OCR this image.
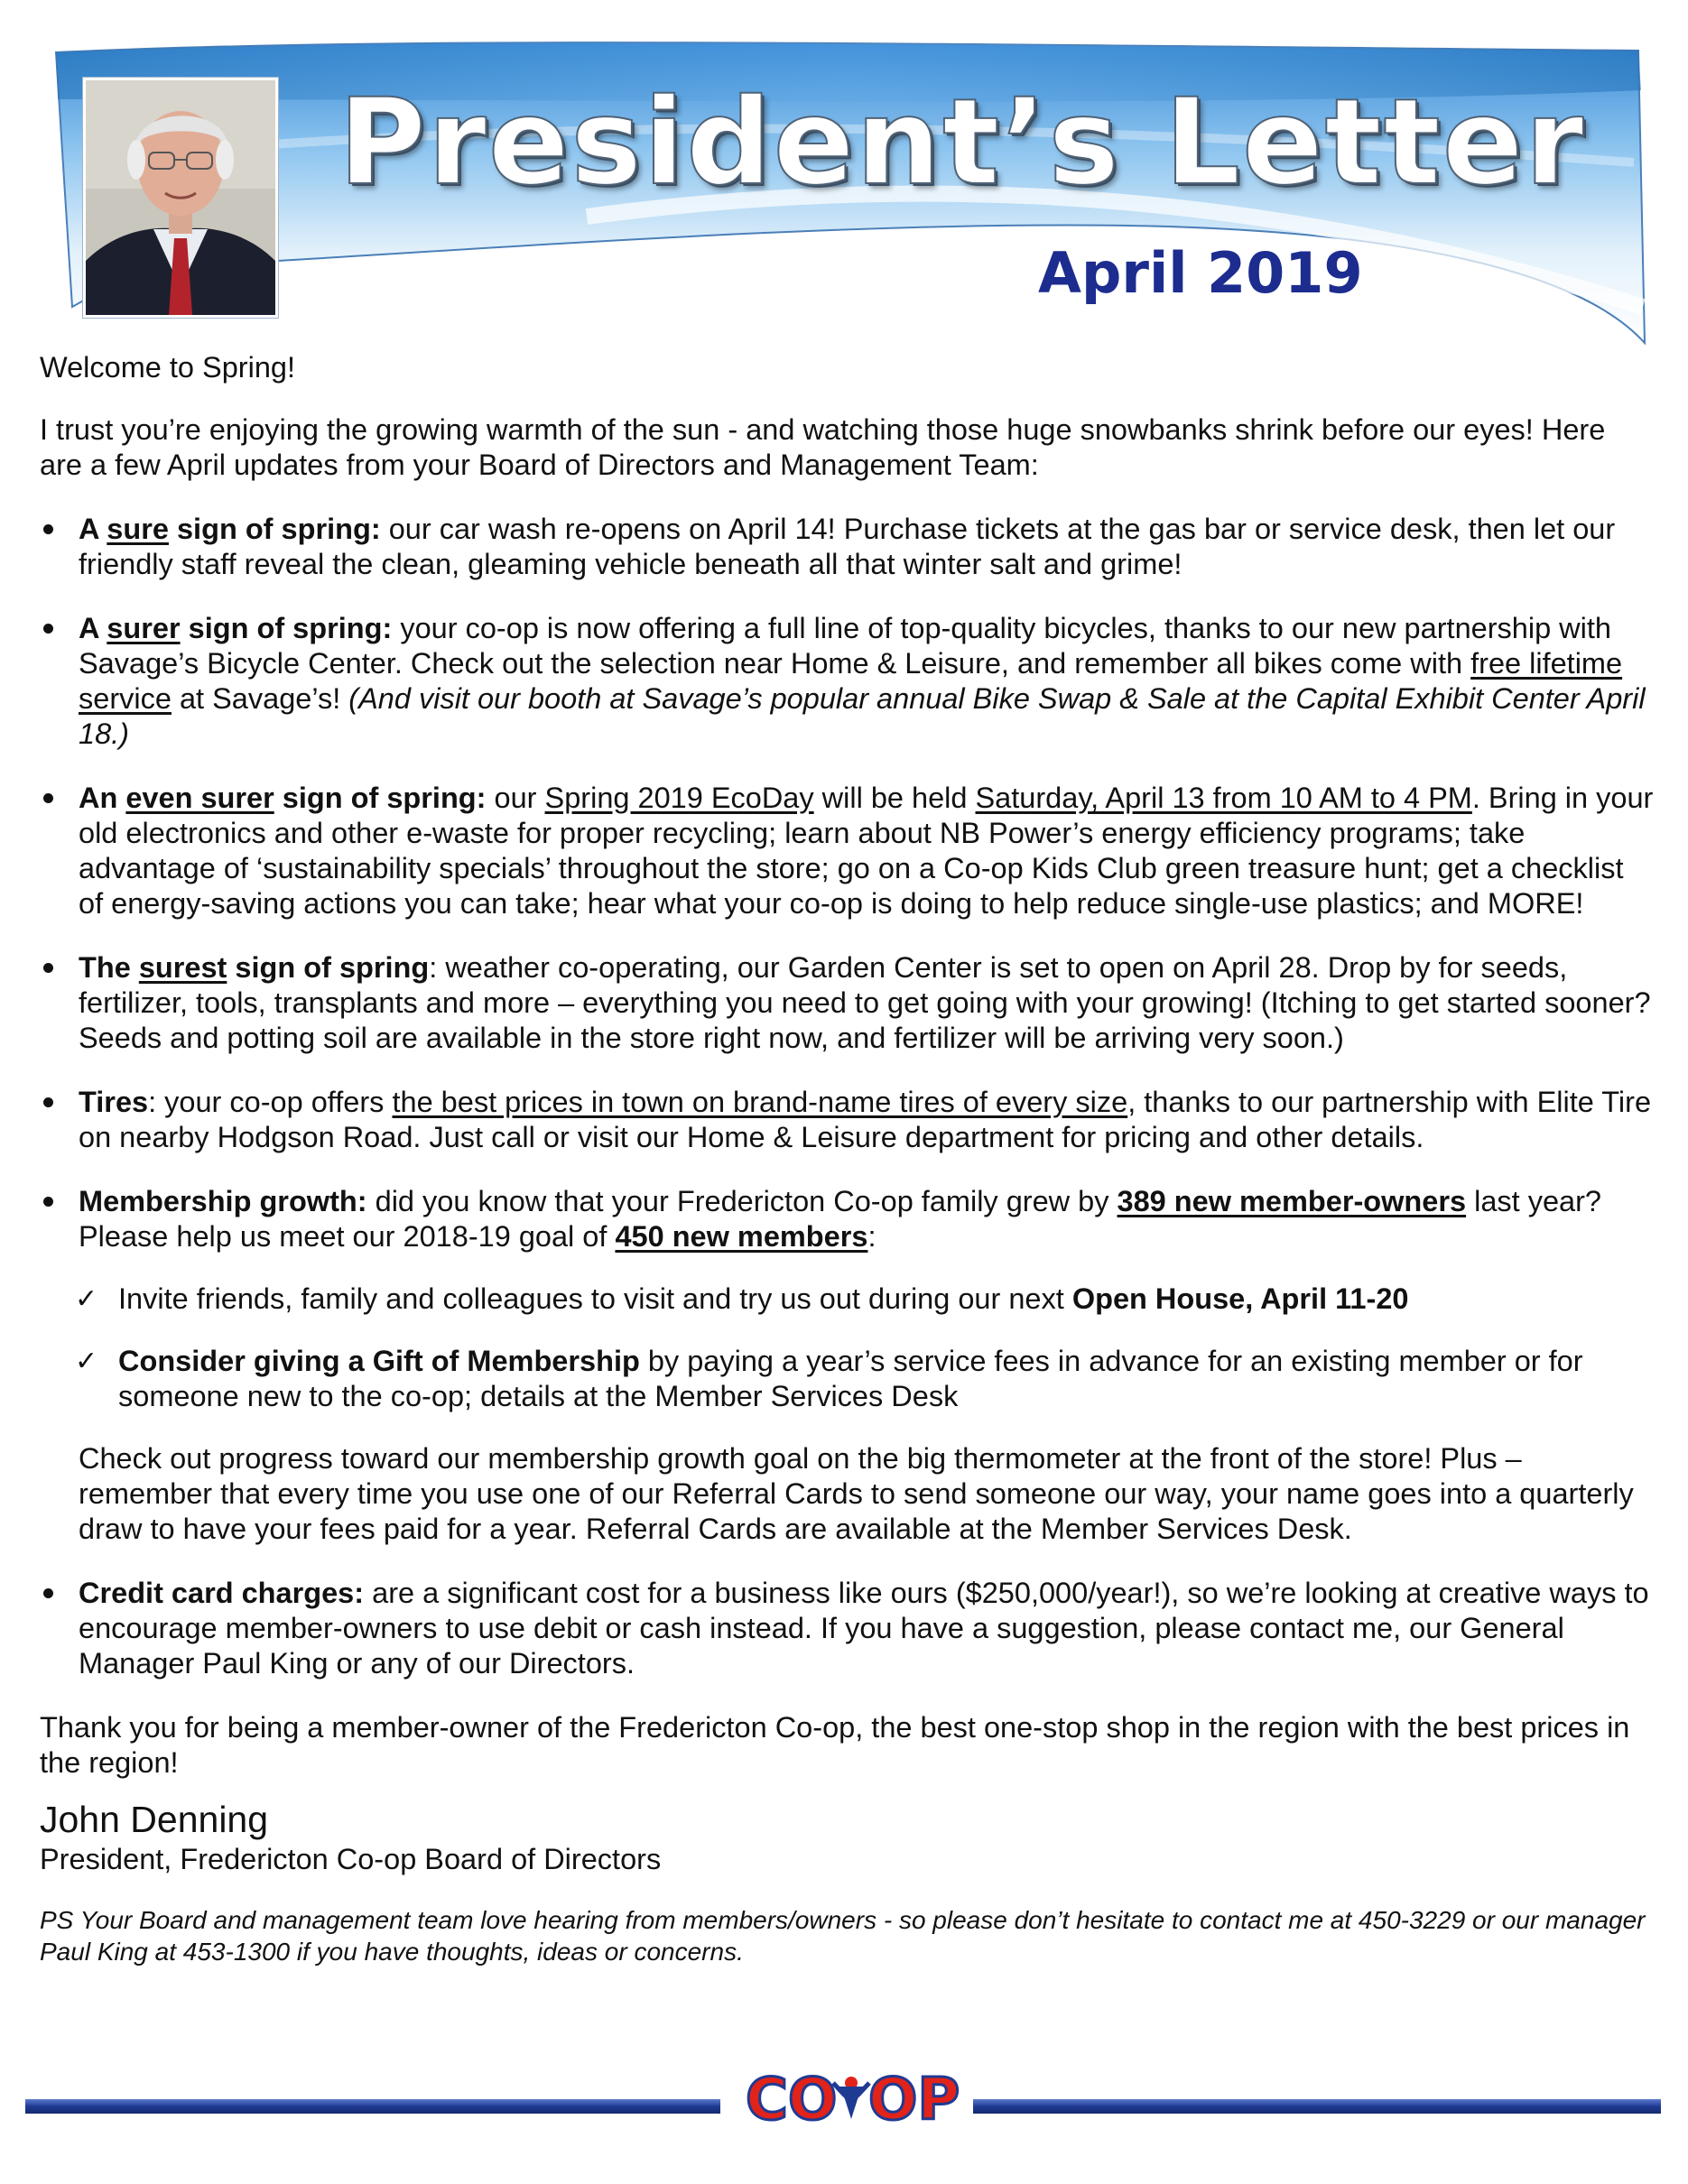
President’s Letter
April 2019

Welcome to Spring!

I trust you’re enjoying the growing warmth of the sun - and watching those huge snowbanks shrink before our eyes! Here are a few April updates from your Board of Directors and Management Team:

A sure sign of spring: our car wash re-opens on April 14! Purchase tickets at the gas bar or service desk, then let our friendly staff reveal the clean, gleaming vehicle beneath all that winter salt and grime!
A surer sign of spring: your co-op is now offering a full line of top-quality bicycles, thanks to our new partnership with Savage’s Bicycle Center. Check out the selection near Home & Leisure, and remember all bikes come with free lifetime service at Savage’s! (And visit our booth at Savage’s popular annual Bike Swap & Sale at the Capital Exhibit Center April 18.)
An even surer sign of spring: our Spring 2019 EcoDay will be held Saturday, April 13 from 10 AM to 4 PM. Bring in your old electronics and other e-waste for proper recycling; learn about NB Power’s energy efficiency programs; take advantage of ‘sustainability specials’ throughout the store; go on a Co-op Kids Club green treasure hunt; get a checklist of energy-saving actions you can take; hear what your co-op is doing to help reduce single-use plastics; and MORE!
The surest sign of spring: weather co-operating, our Garden Center is set to open on April 28. Drop by for seeds, fertilizer, tools, transplants and more – everything you need to get going with your growing! (Itching to get started sooner? Seeds and potting soil are available in the store right now, and fertilizer will be arriving very soon.)
Tires: your co-op offers the best prices in town on brand-name tires of every size, thanks to our partnership with Elite Tire on nearby Hodgson Road. Just call or visit our Home & Leisure department for pricing and other details.
Membership growth: did you know that your Fredericton Co-op family grew by 389 new member-owners last year? Please help us meet our 2018-19 goal of 450 new members:
✓ Invite friends, family and colleagues to visit and try us out during our next Open House, April 11-20
✓ Consider giving a Gift of Membership by paying a year’s service fees in advance for an existing member or for someone new to the co-op; details at the Member Services Desk

Check out progress toward our membership growth goal on the big thermometer at the front of the store! Plus – remember that every time you use one of our Referral Cards to send someone our way, your name goes into a quarterly draw to have your fees paid for a year. Referral Cards are available at the Member Services Desk.

Credit card charges: are a significant cost for a business like ours ($250,000/year!), so we’re looking at creative ways to encourage member-owners to use debit or cash instead. If you have a suggestion, please contact me, our General Manager Paul King or any of our Directors.

Thank you for being a member-owner of the Fredericton Co-op, the best one-stop shop in the region with the best prices in the region!

John Denning

President, Fredericton Co-op Board of Directors

PS Your Board and management team love hearing from members/owners - so please don’t hesitate to contact me at 450-3229 or our manager Paul King at 453-1300 if you have thoughts, ideas or concerns.

CO OP
